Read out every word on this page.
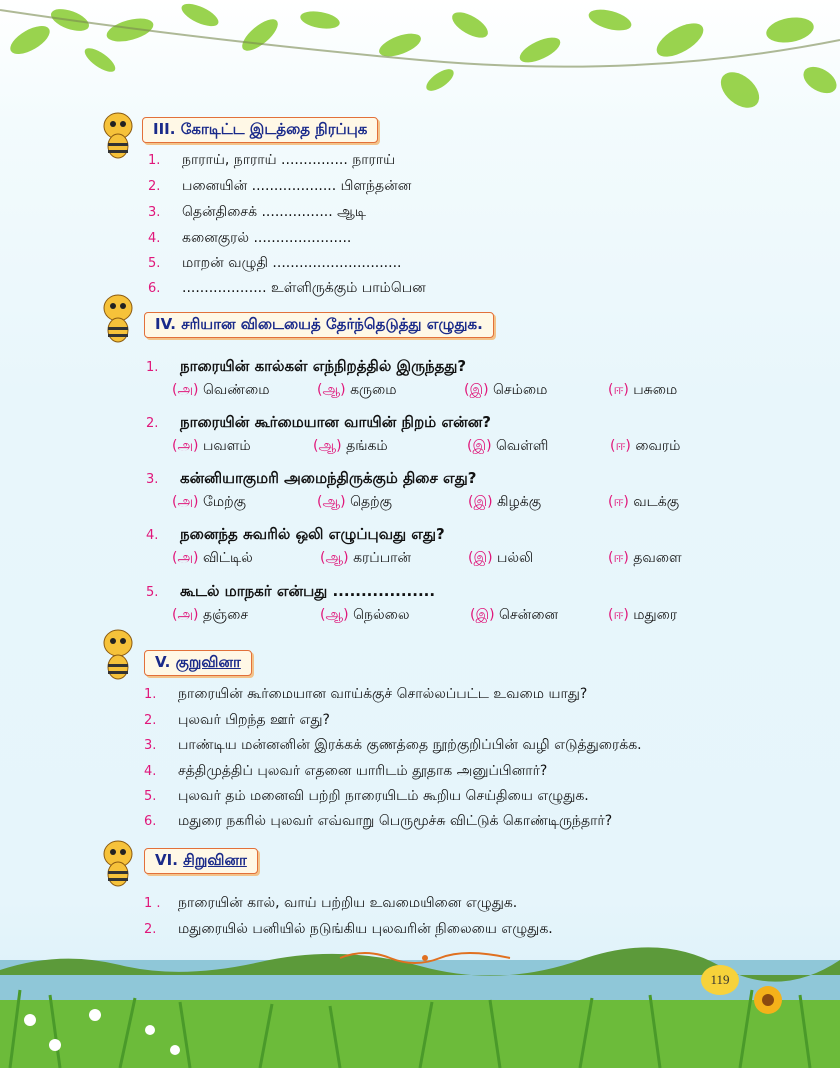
III. கோடிட்ட இடத்தை நிரப்புக
1.	நாராய், நாராய் ............... நாராய்
2.	பனையின் ................... பிளந்தன்ன
3.	தென்திசைக் ................ ஆடி
4.	கனைகுரல் ......................
5.	மாறன் வழுதி .............................
6.	................... உள்ளிருக்கும் பாம்பென
IV. சரியான விடையைத் தேர்ந்தெடுத்து எழுதுக.
1.	நாரையின் கால்கள் எந்நிறத்தில் இருந்தது?
(அ) வெண்மை	(ஆ) கருமை	(இ) செம்மை	(ஈ) பசுமை
2.	நாரையின் கூர்மையான வாயின் நிறம் என்ன?
(அ) பவளம்	(ஆ) தங்கம்	(இ) வெள்ளி	(ஈ) வைரம்
3.	கன்னியாகுமரி அமைந்திருக்கும் திசை எது?
(அ) மேற்கு	(ஆ) தெற்கு	(இ) கிழக்கு	(ஈ) வடக்கு
4.	நனைந்த சுவரில் ஒலி எழுப்புவது எது?
(அ) விட்டில்	(ஆ) கரப்பான்	(இ) பல்லி	(ஈ) தவளை
5.	கூடல் மாநகர் என்பது ..................
(அ) தஞ்சை	(ஆ) நெல்லை	(இ) சென்னை	(ஈ) மதுரை
V. குறுவினா
1.	நாரையின் கூர்மையான வாய்க்குச் சொல்லப்பட்ட உவமை யாது?
2.	புலவர் பிறந்த ஊர் எது?
3.	பாண்டிய மன்னனின் இரக்கக் குணத்தை நூற்குறிப்பின் வழி எடுத்துரைக்க.
4.	சத்திமுத்திப் புலவர் எதனை யாரிடம் தூதாக அனுப்பினார்?
5.	புலவர் தம் மனைவி பற்றி நாரையிடம் கூறிய செய்தியை எழுதுக.
6.	மதுரை நகரில் புலவர் எவ்வாறு பெருமூச்சு விட்டுக் கொண்டிருந்தார்?
VI. சிறுவினா
1 .	நாரையின் கால், வாய் பற்றிய உவமையினை எழுதுக.
2.	மதுரையில் பனியில் நடுங்கிய புலவரின் நிலையை எழுதுக.
119
